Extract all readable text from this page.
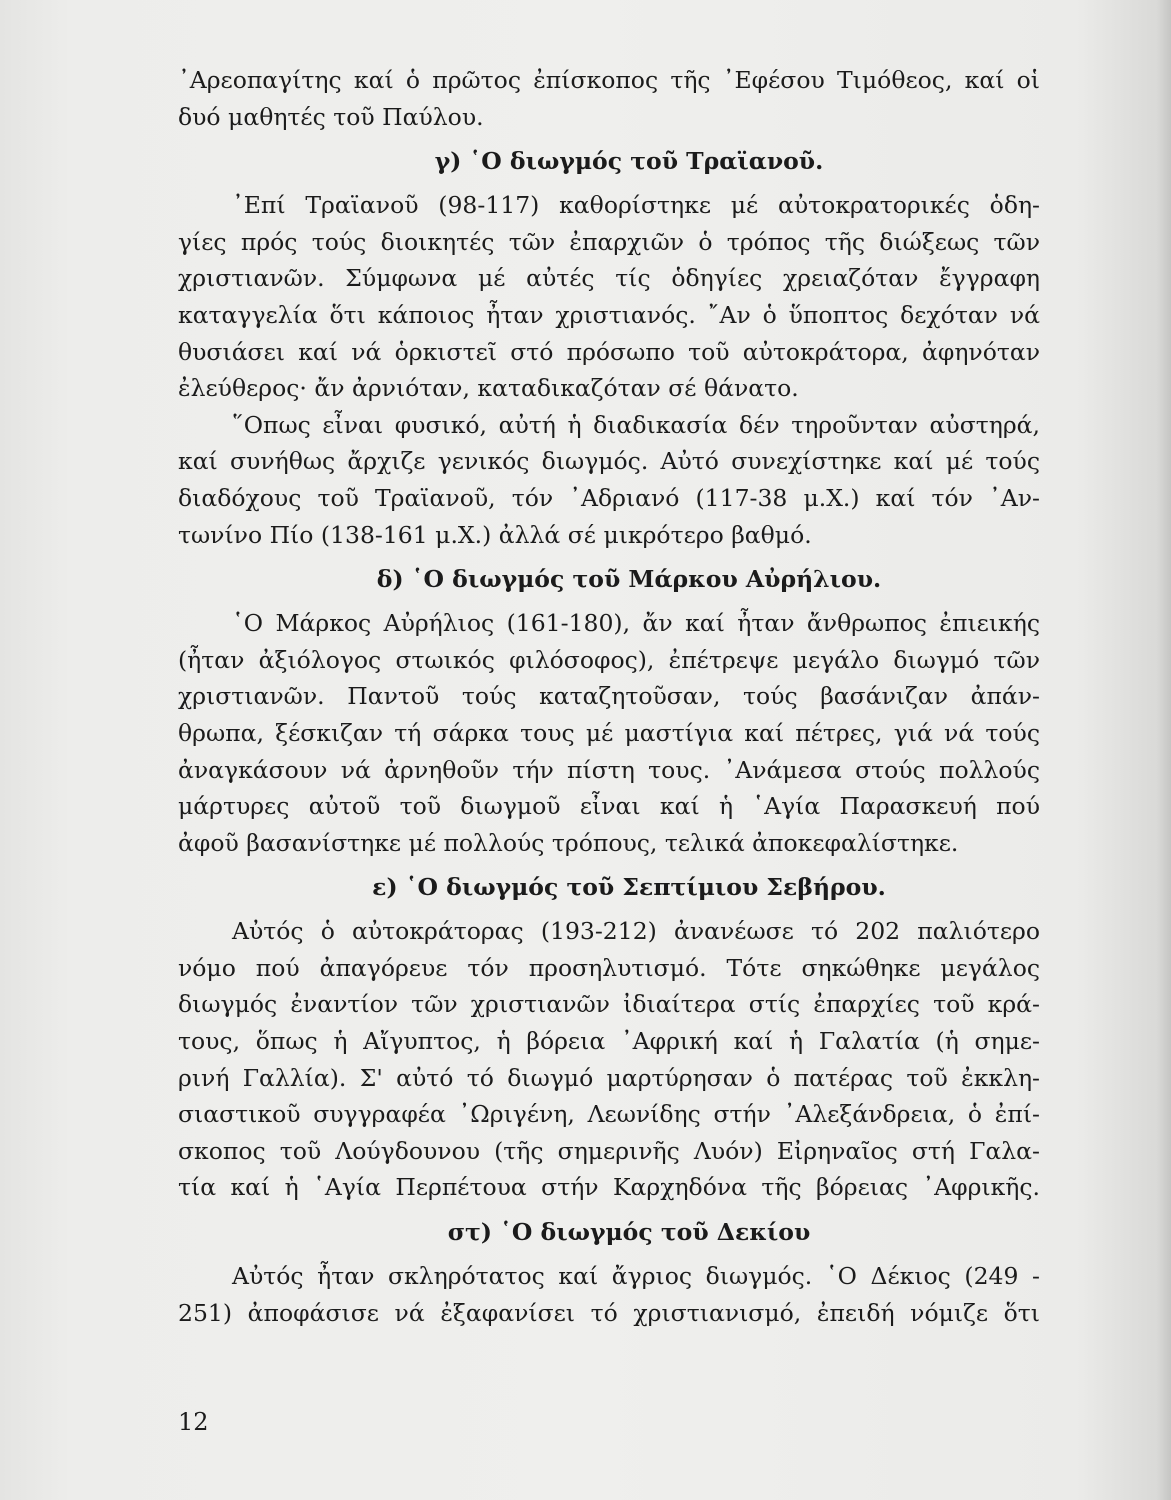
᾿Αρεοπαγίτης καί ὁ πρῶτος ἐπίσκοπος τῆς ᾿Εφέσου Τιμόθεος, καί οἱ
δυό μαθητές τοῦ Παύλου.
γ) ῾Ο διωγμός τοῦ Τραϊανοῦ.
᾿Επί Τραϊανοῦ (98-117) καθορίστηκε μέ αὐτοκρατορικές ὁδη-
γίες πρός τούς διοικητές τῶν ἐπαρχιῶν ὁ τρόπος τῆς διώξεως τῶν
χριστιανῶν. Σύμφωνα μέ αὐτές τίς ὁδηγίες χρειαζόταν ἔγγραφη
καταγγελία ὅτι κάποιος ἦταν χριστιανός. ῎Αν ὁ ὕποπτος δεχόταν νά
θυσιάσει καί νά ὁρκιστεῖ στό πρόσωπο τοῦ αὐτοκράτορα, ἀφηνόταν
ἐλεύθερος· ἄν ἀρνιόταν, καταδικαζόταν σέ θάνατο.
῞Οπως εἶναι φυσικό, αὐτή ἡ διαδικασία δέν τηροῦνταν αὐστηρά,
καί συνήθως ἄρχιζε γενικός διωγμός. Αὐτό συνεχίστηκε καί μέ τούς
διαδόχους τοῦ Τραϊανοῦ, τόν ᾿Αδριανό (117-38 μ.Χ.) καί τόν ᾿Αν-
τωνίνο Πίο (138-161 μ.Χ.) ἀλλά σέ μικρότερο βαθμό.
δ) ῾Ο διωγμός τοῦ Μάρκου Αὐρήλιου.
῾Ο Μάρκος Αὐρήλιος (161-180), ἄν καί ἦταν ἄνθρωπος ἐπιεικής
(ἦταν ἀξιόλογος στωικός φιλόσοφος), ἐπέτρεψε μεγάλο διωγμό τῶν
χριστιανῶν. Παντοῦ τούς καταζητοῦσαν, τούς βασάνιζαν ἀπάν-
θρωπα, ξέσκιζαν τή σάρκα τους μέ μαστίγια καί πέτρες, γιά νά τούς
ἀναγκάσουν νά ἀρνηθοῦν τήν πίστη τους. ᾿Ανάμεσα στούς πολλούς
μάρτυρες αὐτοῦ τοῦ διωγμοῦ εἶναι καί ἡ ῾Αγία Παρασκευή πού
ἀφοῦ βασανίστηκε μέ πολλούς τρόπους, τελικά ἀποκεφαλίστηκε.
ε) ῾Ο διωγμός τοῦ Σεπτίμιου Σεβήρου.
Αὐτός ὁ αὐτοκράτορας (193-212) ἀνανέωσε τό 202 παλιότερο
νόμο πού ἀπαγόρευε τόν προσηλυτισμό. Τότε σηκώθηκε μεγάλος
διωγμός ἐναντίον τῶν χριστιανῶν ἰδιαίτερα στίς ἐπαρχίες τοῦ κρά-
τους, ὅπως ἡ Αἴγυπτος, ἡ βόρεια ᾿Αφρική καί ἡ Γαλατία (ἡ σημε-
ρινή Γαλλία). Σ' αὐτό τό διωγμό μαρτύρησαν ὁ πατέρας τοῦ ἐκκλη-
σιαστικοῦ συγγραφέα ᾿Ωριγένη, Λεωνίδης στήν ᾿Αλεξάνδρεια, ὁ ἐπί-
σκοπος τοῦ Λούγδουνου (τῆς σημερινῆς Λυόν) Εἰρηναῖος στή Γαλα-
τία καί ἡ ῾Αγία Περπέτουα στήν Καρχηδόνα τῆς βόρειας ᾿Αφρικῆς.
στ) ῾Ο διωγμός τοῦ Δεκίου
Αὐτός ἦταν σκληρότατος καί ἄγριος διωγμός. ῾Ο Δέκιος (249 -
251) ἀποφάσισε νά ἐξαφανίσει τό χριστιανισμό, ἐπειδή νόμιζε ὅτι
12
